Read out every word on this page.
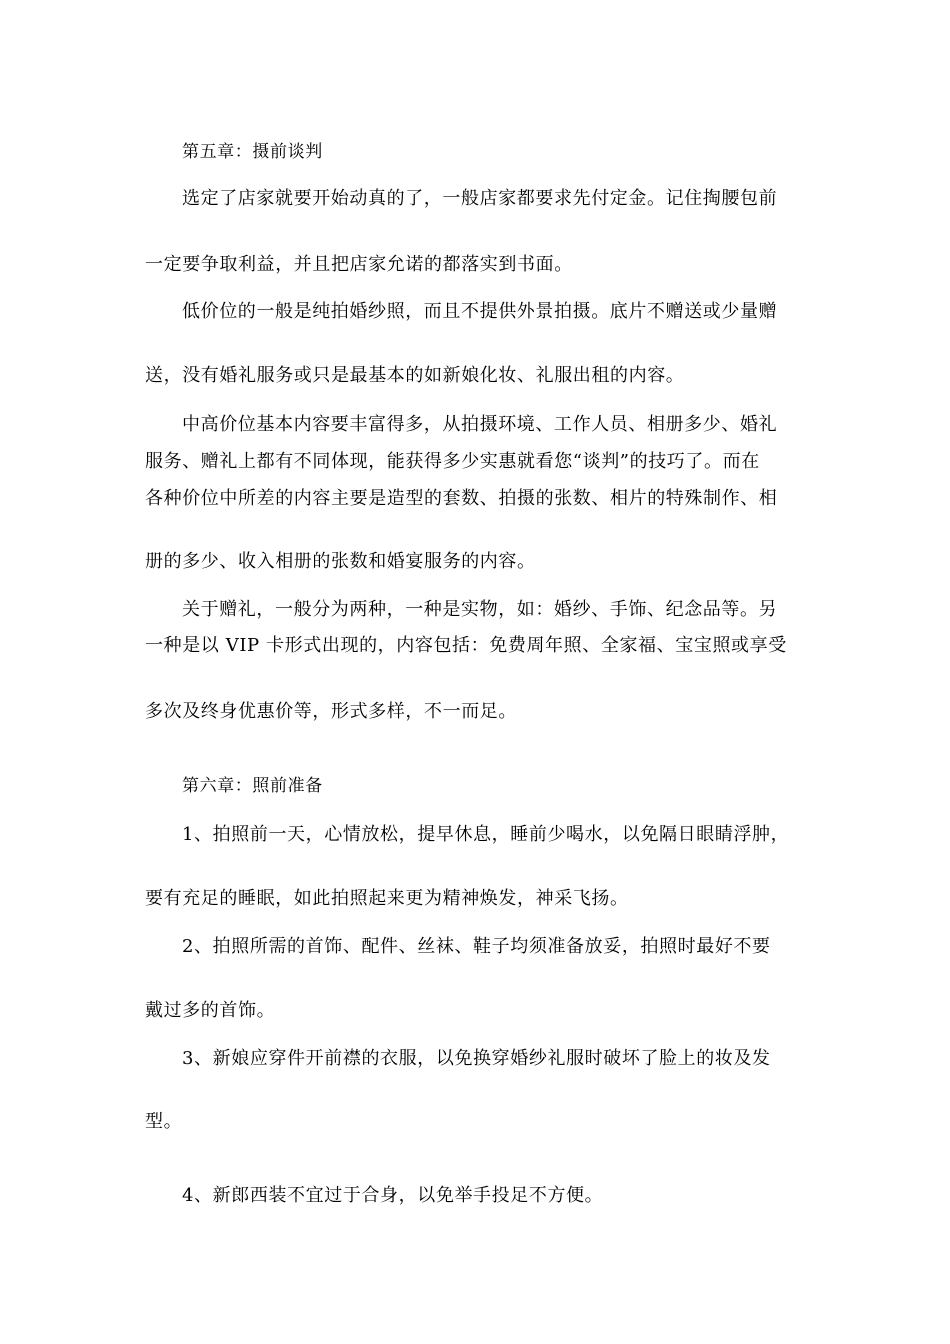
第五章：摄前谈判
选定了店家就要开始动真的了，一般店家都要求先付定金。记住掏腰包前
一定要争取利益，并且把店家允诺的都落实到书面。
低价位的一般是纯拍婚纱照，而且不提供外景拍摄。底片不赠送或少量赠
送，没有婚礼服务或只是最基本的如新娘化妆、礼服出租的内容。
中高价位基本内容要丰富得多，从拍摄环境、工作人员、相册多少、婚礼
服务、赠礼上都有不同体现，能获得多少实惠就看您“谈判”的技巧了。而在
各种价位中所差的内容主要是造型的套数、拍摄的张数、相片的特殊制作、相
册的多少、收入相册的张数和婚宴服务的内容。
关于赠礼，一般分为两种，一种是实物，如：婚纱、手饰、纪念品等。另
一种是以 VIP 卡形式出现的，内容包括：免费周年照、全家福、宝宝照或享受
多次及终身优惠价等，形式多样，不一而足。
第六章：照前准备
1、拍照前一天，心情放松，提早休息，睡前少喝水，以免隔日眼睛浮肿，
要有充足的睡眠，如此拍照起来更为精神焕发，神采飞扬。
2、拍照所需的首饰、配件、丝袜、鞋子均须准备放妥，拍照时最好不要
戴过多的首饰。
3、新娘应穿件开前襟的衣服，以免换穿婚纱礼服时破坏了脸上的妆及发
型。
4、新郎西装不宜过于合身，以免举手投足不方便。
